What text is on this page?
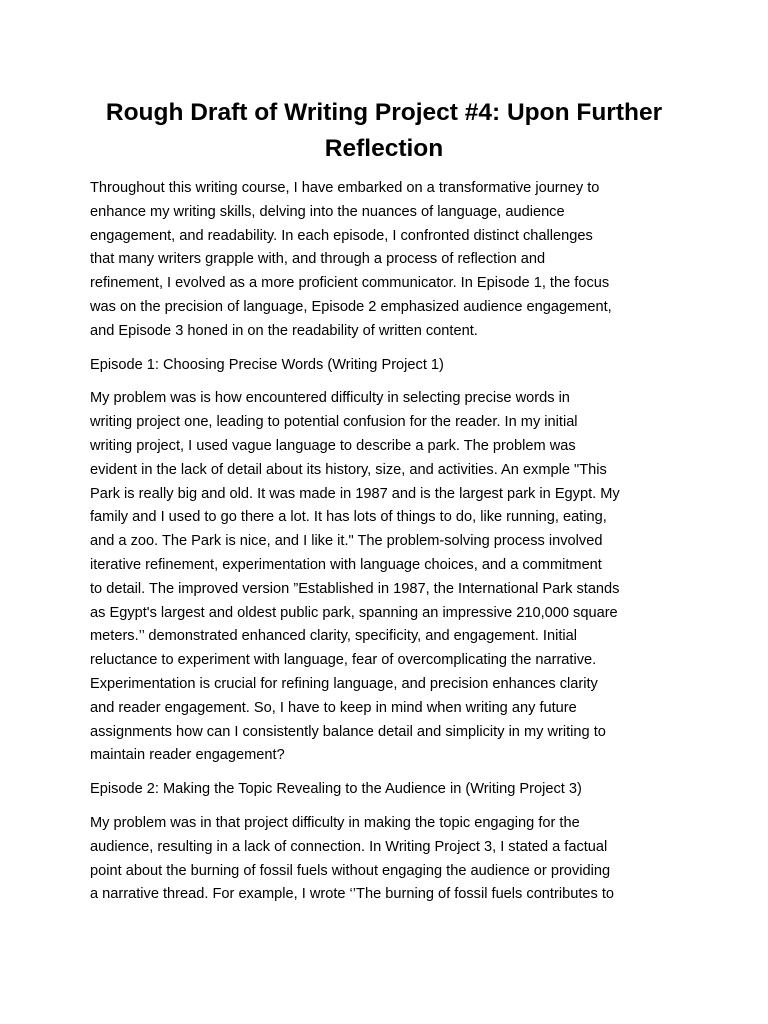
Rough Draft of Writing Project #4: Upon Further
Reflection

Throughout this writing course, I have embarked on a transformative journey to
enhance my writing skills, delving into the nuances of language, audience
engagement, and readability. In each episode, I confronted distinct challenges
that many writers grapple with, and through a process of reflection and
refinement, I evolved as a more proficient communicator. In Episode 1, the focus
was on the precision of language, Episode 2 emphasized audience engagement,
and Episode 3 honed in on the readability of written content.

Episode 1: Choosing Precise Words (Writing Project 1)

My problem was is how encountered difficulty in selecting precise words in
writing project one, leading to potential confusion for the reader. In my initial
writing project, I used vague language to describe a park. The problem was
evident in the lack of detail about its history, size, and activities. An exmple "This
Park is really big and old. It was made in 1987 and is the largest park in Egypt. My
family and I used to go there a lot. It has lots of things to do, like running, eating,
and a zoo. The Park is nice, and I like it." The problem-solving process involved
iterative refinement, experimentation with language choices, and a commitment
to detail. The improved version ”Established in 1987, the International Park stands
as Egypt's largest and oldest public park, spanning an impressive 210,000 square
meters.’’ demonstrated enhanced clarity, specificity, and engagement. Initial
reluctance to experiment with language, fear of overcomplicating the narrative.
Experimentation is crucial for refining language, and precision enhances clarity
and reader engagement. So, I have to keep in mind when writing any future
assignments how can I consistently balance detail and simplicity in my writing to
maintain reader engagement?

Episode 2: Making the Topic Revealing to the Audience in (Writing Project 3)

My problem was in that project difficulty in making the topic engaging for the
audience, resulting in a lack of connection. In Writing Project 3, I stated a factual
point about the burning of fossil fuels without engaging the audience or providing
a narrative thread. For example, I wrote ‘’The burning of fossil fuels contributes to
